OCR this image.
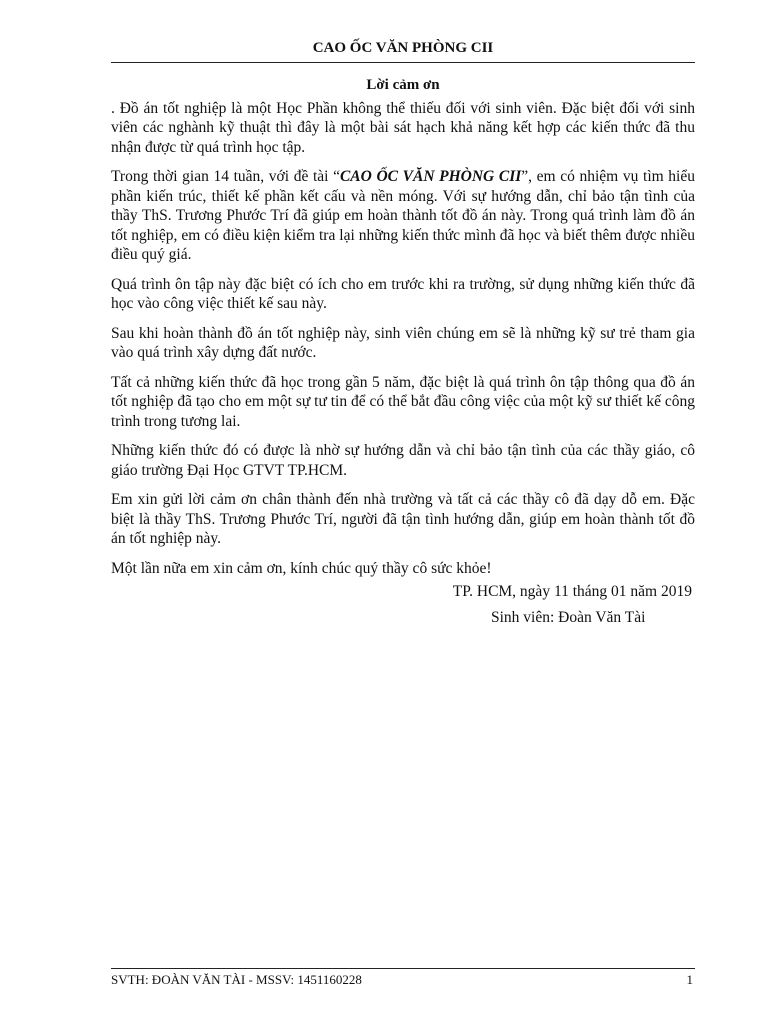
CAO ỐC VĂN PHÒNG CII
Lời cảm ơn

. Đồ án tốt nghiệp là một Học Phần không thể thiếu đối với sinh viên. Đặc biệt đối với sinh viên các nghành kỹ thuật thì đây là một bài sát hạch khả năng kết hợp các kiến thức đã thu nhận được từ quá trình học tập.

Trong thời gian 14 tuần, với đề tài “CAO ỐC VĂN PHÒNG CII”, em có nhiệm vụ tìm hiểu phần kiến trúc, thiết kế phần kết cấu và nền móng. Với sự hướng dẫn, chỉ bảo tận tình của thầy ThS. Trương Phước Trí đã giúp em hoàn thành tốt đồ án này. Trong quá trình làm đồ án tốt nghiệp, em có điều kiện kiểm tra lại những kiến thức mình đã học và biết thêm được nhiều điều quý giá.

Quá trình ôn tập này đặc biệt có ích cho em trước khi ra trường, sử dụng những kiến thức đã học vào công việc thiết kế sau này.

Sau khi hoàn thành đồ án tốt nghiệp này, sinh viên chúng em sẽ là những kỹ sư trẻ tham gia vào quá trình xây dựng đất nước.

Tất cả những kiến thức đã học trong gần 5 năm, đặc biệt là quá trình ôn tập thông qua đồ án tốt nghiệp đã tạo cho em một sự tư tin để có thể bắt đầu công việc của một kỹ sư thiết kế công trình trong tương lai.

Những kiến thức đó có được là nhờ sự hướng dẫn và chỉ bảo tận tình của các thầy giáo, cô giáo trường Đại Học GTVT TP.HCM.

Em xin gửi lời cảm ơn chân thành đến nhà trường và tất cả các thầy cô đã dạy dỗ em. Đặc biệt là thầy ThS. Trương Phước Trí, người đã tận tình hướng dẫn, giúp em hoàn thành tốt đồ án tốt nghiệp này.

Một lần nữa em xin cảm ơn, kính chúc quý thầy cô sức khỏe!

TP. HCM, ngày 11 tháng 01 năm 2019
Sinh viên: Đoàn Văn Tài
SVTH: ĐOÀN VĂN TÀI - MSSV: 1451160228	1
